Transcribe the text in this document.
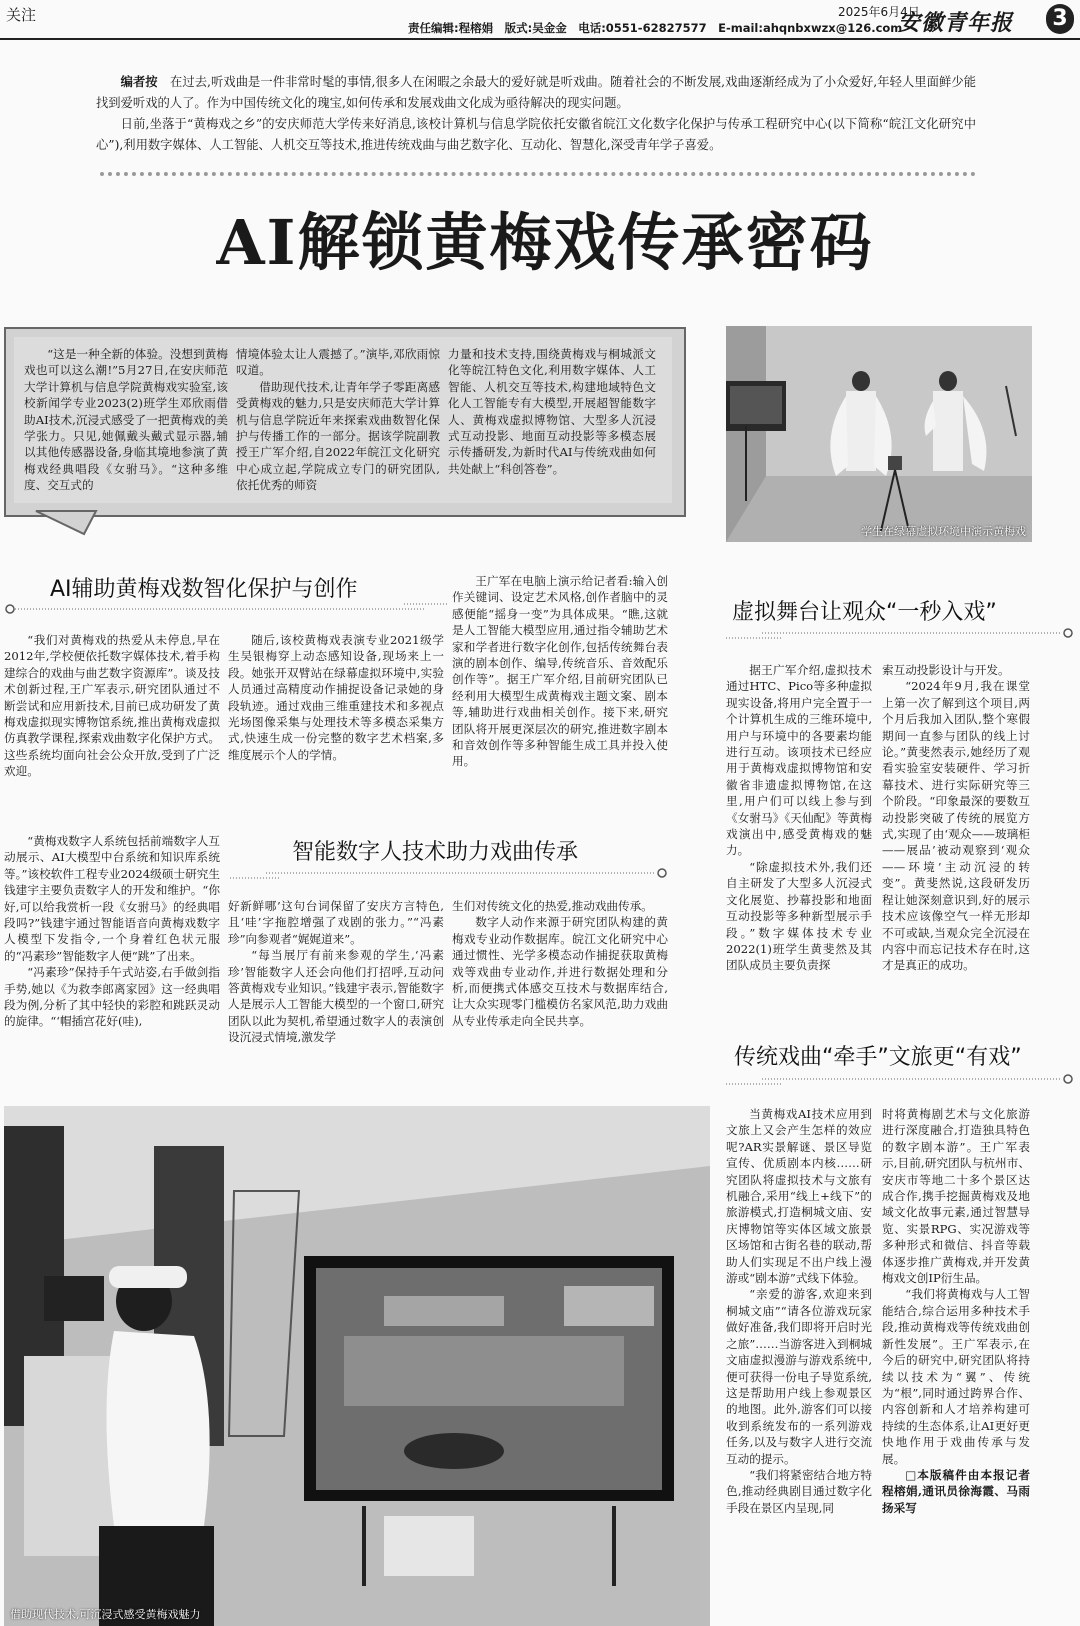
关注	2025年6月4日
责任编辑:程榕娟　版式:吴金金　电话:0551-62827577　E-mail:ahqnbxwzx@126.com
安徽青年报 3
编者按　 在过去,听戏曲是一件非常时髦的事情,很多人在闲暇之余最大的爱好就是听戏曲。随着社会的不断发展,戏曲逐渐经成为了小众爱好,年轻人里面鲜少能找到爱听戏的人了。作为中国传统文化的瑰宝,如何传承和发展戏曲文化成为亟待解决的现实问题。
日前,坐落于“黄梅戏之乡”的安庆师范大学传来好消息,该校计算机与信息学院依托安徽省皖江文化数字化保护与传承工程研究中心(以下简称“皖江文化研究中心”),利用数字媒体、人工智能、人机交互等技术,推进传统戏曲与曲艺数字化、互动化、智慧化,深受青年学子喜爱。
AI解锁黄梅戏传承密码

“这是一种全新的体验。没想到黄梅戏也可以这么潮!”5月27日,在安庆师范大学计算机与信息学院黄梅戏实验室,该校新闻学专业2023(2)班学生邓欣雨借助AI技术,沉浸式感受了一把黄梅戏的美学张力。只见,她佩戴头戴式显示器,辅以其他传感器设备,身临其境地参演了黄梅戏经典唱段《女驸马》。“这种多维度、交互式的

情境体验太让人震撼了。”演毕,邓欣雨惊叹道。

借助现代技术,让青年学子零距离感受黄梅戏的魅力,只是安庆师范大学计算机与信息学院近年来探索戏曲数智化保护与传播工作的一部分。据该学院副教授王广军介绍,自2022年皖江文化研究中心成立起,学院成立专门的研究团队,依托优秀的师资

力量和技术支持,围绕黄梅戏与桐城派文化等皖江特色文化,利用数字媒体、人工智能、人机交互等技术,构建地域特色文化人工智能专有大模型,开展超智能数字人、黄梅戏虚拟博物馆、大型多人沉浸式互动投影、地面互动投影等多模态展示传播研发,为新时代AI与传统戏曲如何共处献上“科创答卷”。

学生在绿幕虚拟环境中演示黄梅戏
AI辅助黄梅戏数智化保护与创作

“我们对黄梅戏的热爱从未停息,早在2012年,学校便依托数字媒体技术,着手构建综合的戏曲与曲艺数字资源库”。谈及技术创新过程,王广军表示,研究团队通过不断尝试和应用新技术,目前已成功研发了黄梅戏虚拟现实博物馆系统,推出黄梅戏虚拟仿真教学课程,探索戏曲数字化保护方式。这些系统均面向社会公众开放,受到了广泛欢迎。

随后,该校黄梅戏表演专业2021级学生吴银梅穿上动态感知设备,现场来上一段。她张开双臂站在绿幕虚拟环境中,实验人员通过高精度动作捕捉设备记录她的身段轨迹。通过戏曲三维重建技术和多视点光场图像采集与处理技术等多模态采集方式,快速生成一份完整的数字艺术档案,多维度展示个人的学情。

王广军在电脑上演示给记者看:输入创作关键词、设定艺术风格,创作者脑中的灵感便能“摇身一变”为具体成果。“瞧,这就是人工智能大模型应用,通过指令辅助艺术家和学者进行数字化创作,包括传统舞台表演的剧本创作、编导,传统音乐、音效配乐创作等”。据王广军介绍,目前研究团队已经利用大模型生成黄梅戏主题文案、剧本等,辅助进行戏曲相关创作。接下来,研究团队将开展更深层次的研究,推进数字剧本和音效创作等多种智能生成工具并投入使用。

智能数字人技术助力戏曲传承

“黄梅戏数字人系统包括前端数字人互动展示、AI大模型中台系统和知识库系统等。”该校软件工程专业2024级硕士研究生钱建宇主要负责数字人的开发和维护。“你好,可以给我赏析一段《女驸马》的经典唱段吗?”钱建宇通过智能语音向黄梅戏数字人模型下发指令,一个身着红色状元服的“冯素珍”智能数字人便“跳”了出来。

“冯素珍”保持手午式站姿,右手做剑指手势,她以《为救李郎离家园》这一经典唱段为例,分析了其中轻快的彩腔和跳跃灵动的旋律。“‘帽插宫花好(哇),

好新鲜哪’这句台词保留了安庆方言特色,且‘哇’字拖腔增强了戏剧的张力。”“冯素珍”向参观者“娓娓道来”。

“每当展厅有前来参观的学生,‘冯素珍’智能数字人还会向他们打招呼,互动问答黄梅戏专业知识。”钱建宇表示,智能数字人是展示人工智能大模型的一个窗口,研究团队以此为契机,希望通过数字人的表演创设沉浸式情境,激发学

生们对传统文化的热爱,推动戏曲传承。

数字人动作来源于研究团队构建的黄梅戏专业动作数据库。皖江文化研究中心通过惯性、光学多模态动作捕捉获取黄梅戏等戏曲专业动作,并进行数据处理和分析,而便携式体感交互技术与数据库结合,让大众实现零门槛模仿名家风范,助力戏曲从专业传承走向全民共享。

虚拟舞台让观众“一秒入戏”

据王广军介绍,虚拟技术通过HTC、Pico等多种虚拟现实设备,将用户完全置于一个计算机生成的三维环境中,用户与环境中的各要素均能进行互动。该项技术已经应用于黄梅戏虚拟博物馆和安徽省非遗虚拟博物馆,在这里,用户们可以线上参与到《女驸马》《天仙配》等黄梅戏演出中,感受黄梅戏的魅力。

“除虚拟技术外,我们还自主研发了大型多人沉浸式文化展览、抄幕投影和地面互动投影等多种新型展示手段。”数字媒体技术专业2022(1)班学生黄斐然及其团队成员主要负责探

索互动投影设计与开发。

“2024年9月,我在课堂上第一次了解到这个项目,两个月后我加入团队,整个寒假期间一直参与团队的线上讨论。”黄斐然表示,她经历了观看实验室安装硬件、学习折幕技术、进行实际研究等三个阶段。“印象最深的要数互动投影突破了传统的展览方式,实现了由‘观众——玻璃柜——展品’被动观察到‘观众——环境’主动沉浸的转变”。黄斐然说,这段研发历程让她深刻意识到,好的展示技术应该像空气一样无形却不可或缺,当观众完全沉浸在内容中而忘记技术存在时,这才是真正的成功。

传统戏曲“牵手”文旅更“有戏”

当黄梅戏AI技术应用到文旅上又会产生怎样的效应呢?AR实景解谜、景区导览宣传、优质剧本内核……研究团队将虚拟技术与文旅有机融合,采用“线上+线下”的旅游模式,打造桐城文庙、安庆博物馆等实体区域文旅景区场馆和古街名巷的联动,帮助人们实现足不出户线上漫游或“剧本游”式线下体验。

“亲爱的游客,欢迎来到桐城文庙”“请各位游戏玩家做好准备,我们即将开启时光之旅”……当游客进入到桐城文庙虚拟漫游与游戏系统中,便可获得一份电子导览系统,这是帮助用户线上参观景区的地图。此外,游客们可以接收到系统发布的一系列游戏任务,以及与数字人进行交流互动的提示。

“我们将紧密结合地方特色,推动经典剧目通过数字化手段在景区内呈现,同

时将黄梅剧艺术与文化旅游进行深度融合,打造独具特色的数字剧本游”。王广军表示,目前,研究团队与杭州市、安庆市等地二十多个景区达成合作,携手挖掘黄梅戏及地域文化故事元素,通过智慧导览、实景RPG、实况游戏等多种形式和微信、抖音等载体逐步推广黄梅戏,并开发黄梅戏文创IP衍生品。

“我们将黄梅戏与人工智能结合,综合运用多种技术手段,推动黄梅戏等传统戏曲创新性发展”。王广军表示,在今后的研究中,研究团队将持续以技术为“翼”、传统为“根”,同时通过跨界合作、内容创新和人才培养构建可持续的生态体系,让AI更好更快地作用于戏曲传承与发展。

□本版稿件由本报记者程榕娟,通讯员徐海霞、马雨扬采写

借助现代技术,可沉浸式感受黄梅戏魅力
